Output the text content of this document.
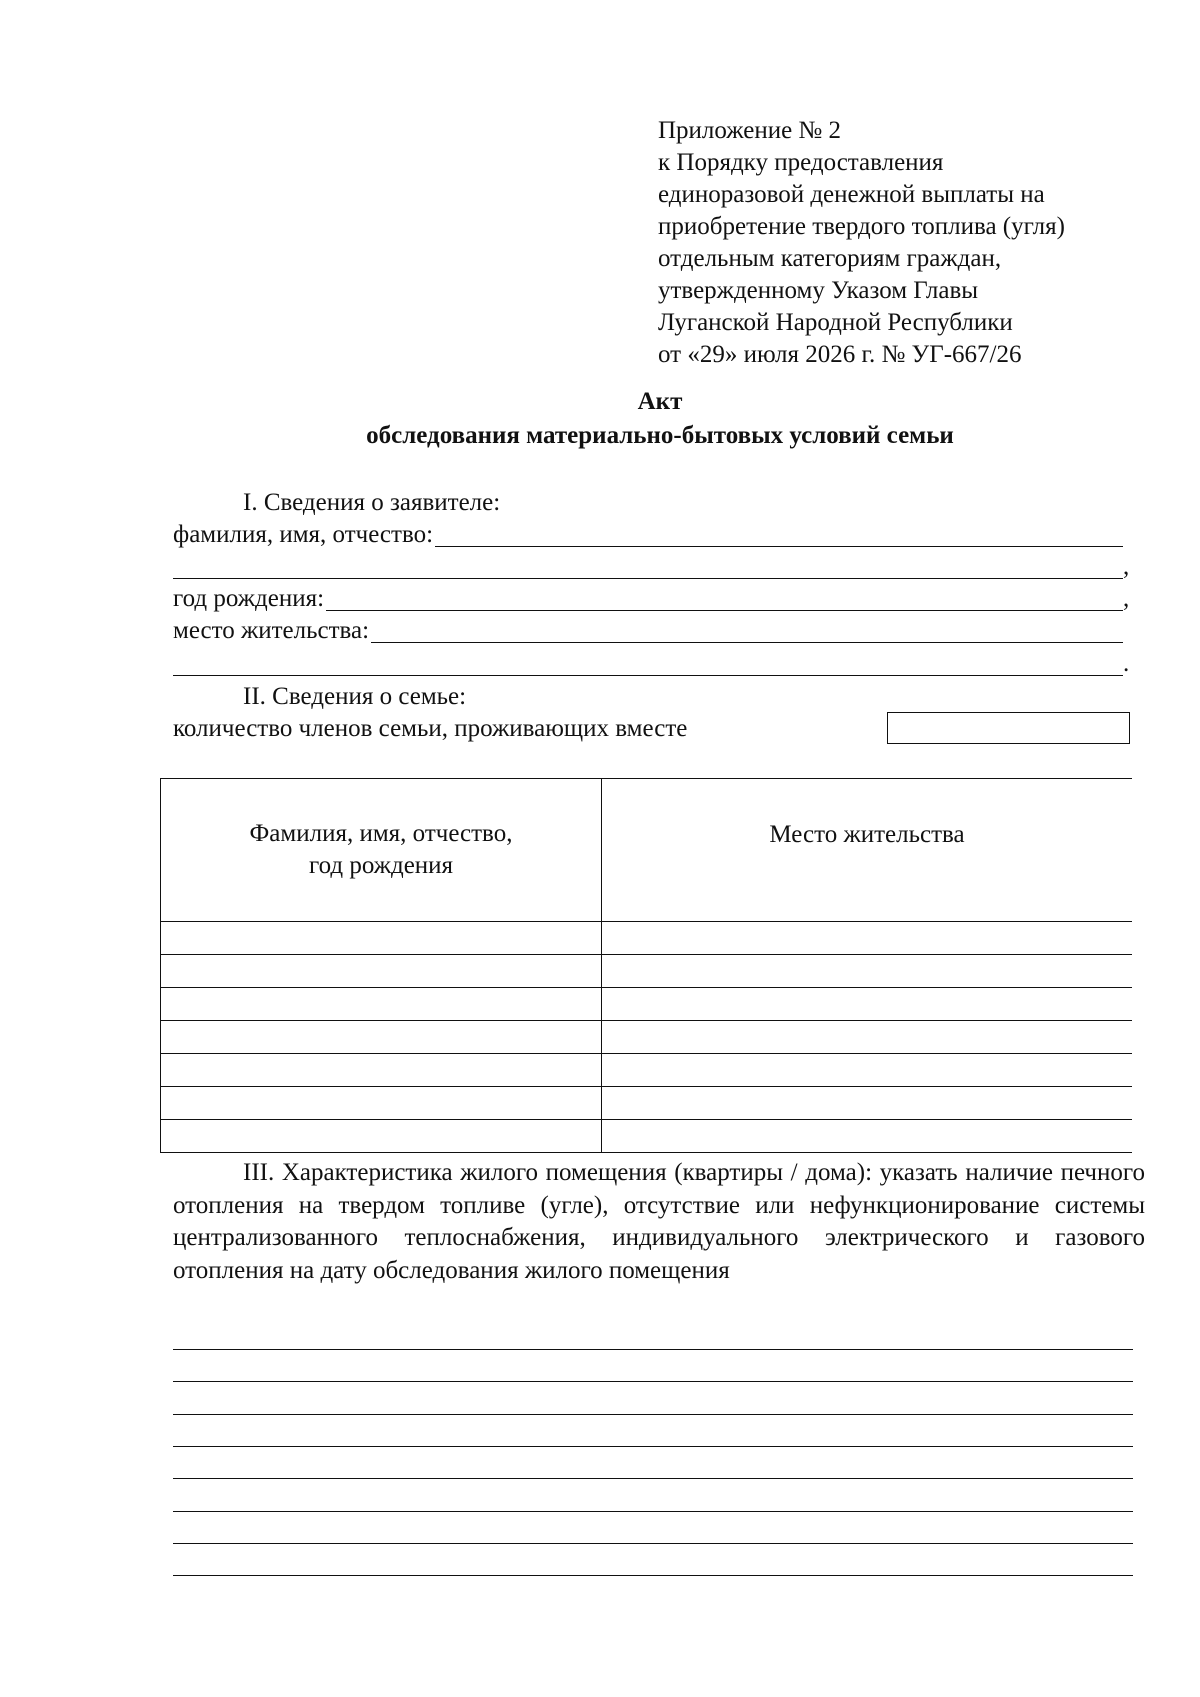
Приложение № 2
к Порядку предоставления
единоразовой денежной выплаты на
приобретение твердого топлива (угля)
отдельным категориям граждан,
утвержденному Указом Главы
Луганской Народной Республики
от «29» июля 2026 г. № УГ-667/26
Акт
обследования материально-бытовых условий семьи
I. Сведения о заявителе:
фамилия, имя, отчество:
,
год рождения:	,
место жительства:
.
II. Сведения о семье:
количество членов семьи, проживающих вместе
Фамилия, имя, отчество,
год рождения	Место жительства

III. Характеристика жилого помещения (квартиры / дома): указать наличие печного отопления на твердом топливе (угле), отсутствие или нефункционирование системы централизованного теплоснабжения, индивидуального электрического и газового отопления на дату обследования жилого помещения
